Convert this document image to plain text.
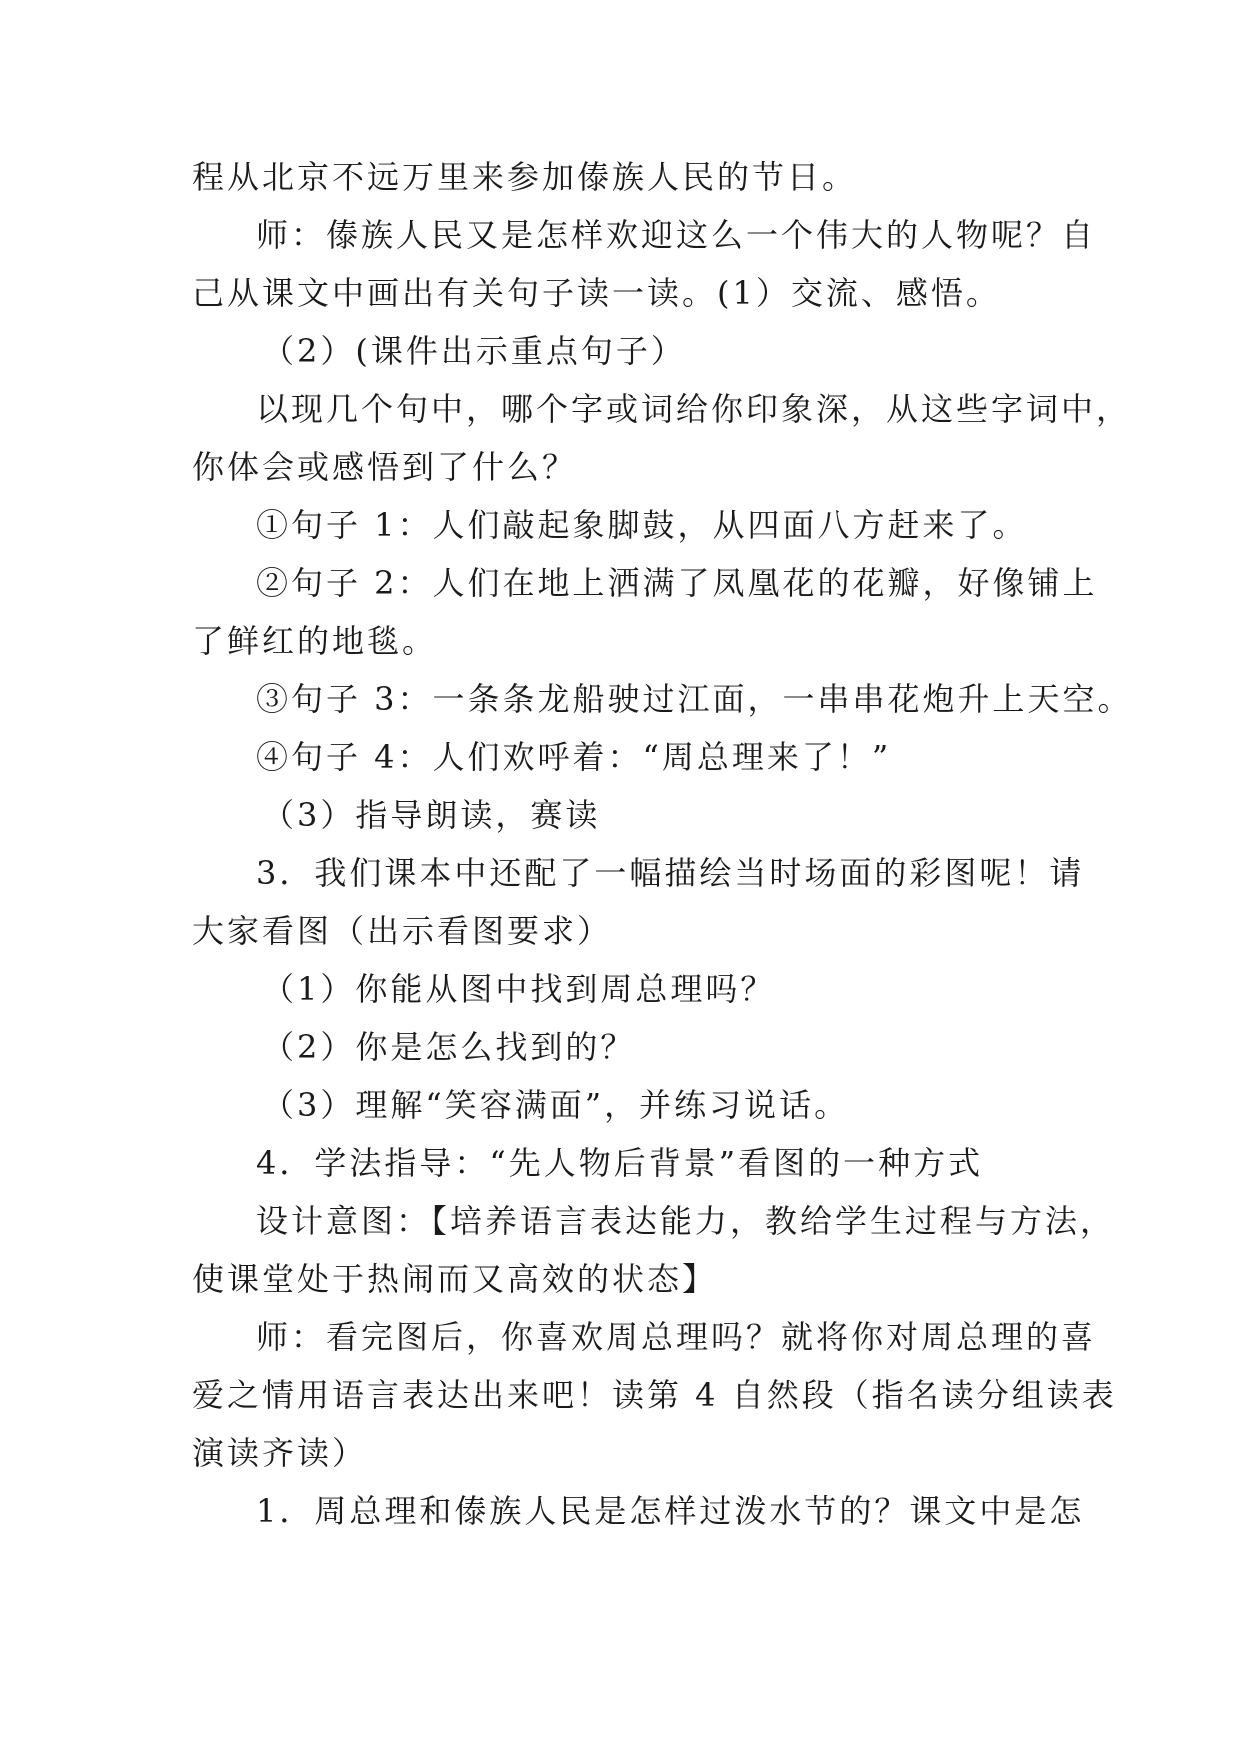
程从北京不远万里来参加傣族人民的节日。
师：傣族人民又是怎样欢迎这么一个伟大的人物呢？自
己从课文中画出有关句子读一读。(1）交流、感悟。
（2）(课件出示重点句子）
以现几个句中，哪个字或词给你印象深，从这些字词中，
你体会或感悟到了什么？
①句子 1：人们敲起象脚鼓，从四面八方赶来了。
②句子 2：人们在地上洒满了凤凰花的花瓣，好像铺上
了鲜红的地毯。
③句子 3：一条条龙船驶过江面，一串串花炮升上天空。
④句子 4：人们欢呼着：“周总理来了！”
（3）指导朗读，赛读
3．我们课本中还配了一幅描绘当时场面的彩图呢！请
大家看图（出示看图要求）
（1）你能从图中找到周总理吗？
（2）你是怎么找到的？
（3）理解“笑容满面”，并练习说话。
4．学法指导：“先人物后背景”看图的一种方式
设计意图：【培养语言表达能力，教给学生过程与方法，
使课堂处于热闹而又高效的状态】
师：看完图后，你喜欢周总理吗？就将你对周总理的喜
爱之情用语言表达出来吧！读第 4 自然段（指名读分组读表
演读齐读）
1．周总理和傣族人民是怎样过泼水节的？课文中是怎
